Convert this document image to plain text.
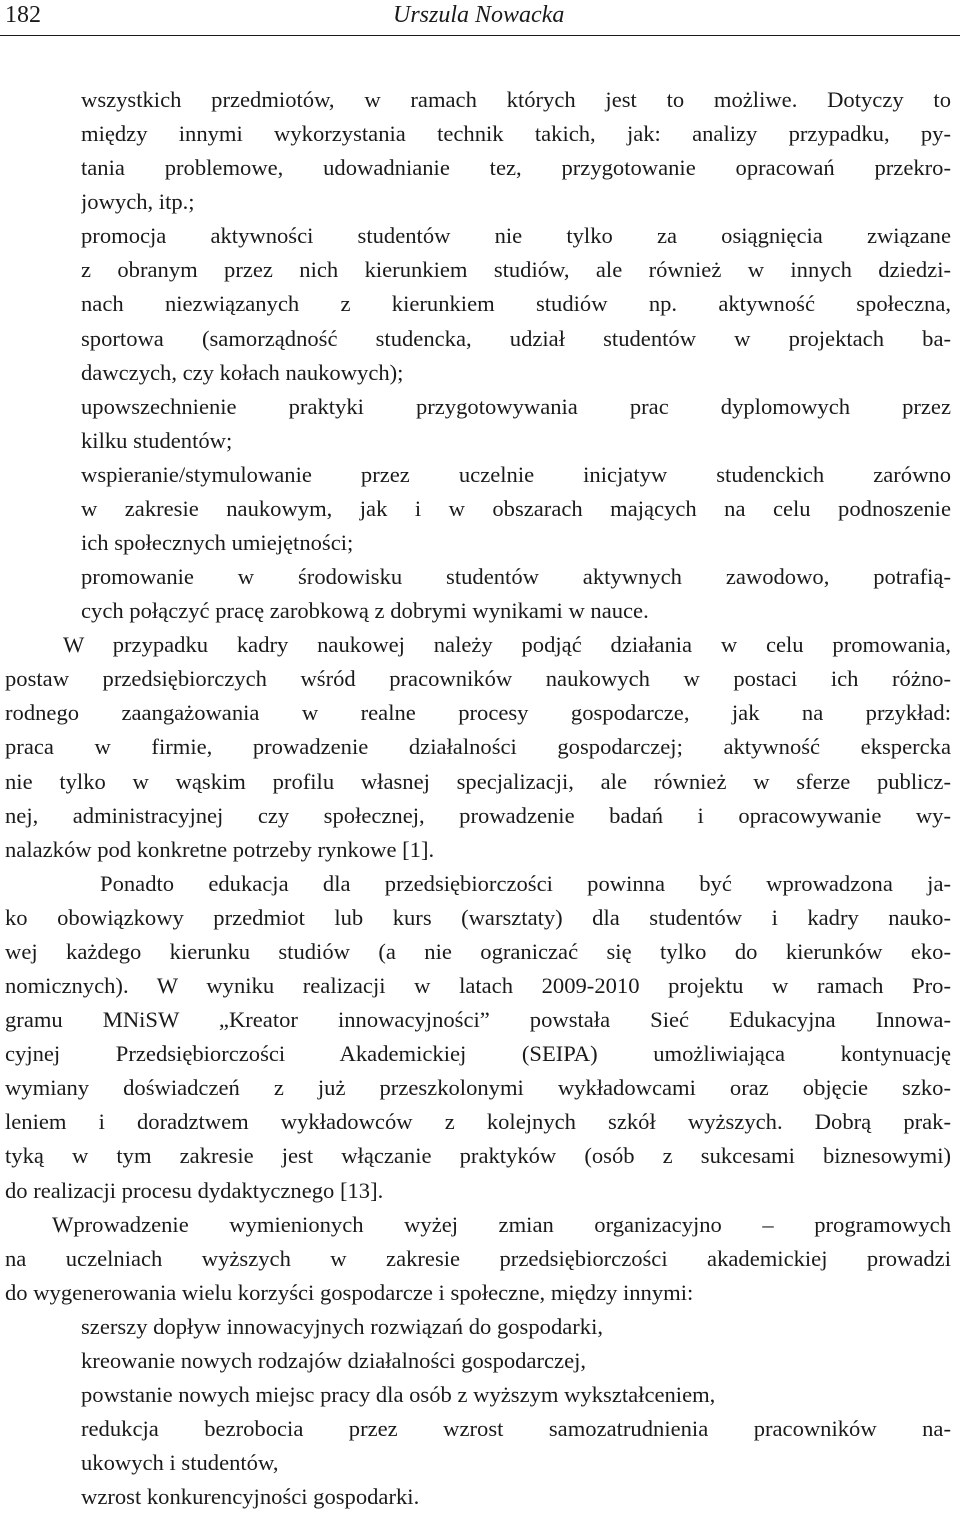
182	Urszula Nowacka
wszystkich przedmiotów, w ramach których jest to możliwe. Dotyczy to
między innymi wykorzystania technik takich, jak: analizy przypadku, py-
tania problemowe, udowadnianie tez, przygotowanie opracowań przekro-
jowych, itp.;
promocja aktywności studentów nie tylko za osiągnięcia związane
z obranym przez nich kierunkiem studiów, ale również w innych dziedzi-
nach niezwiązanych z kierunkiem studiów np. aktywność społeczna,
sportowa (samorządność studencka, udział studentów w projektach ba-
dawczych, czy kołach naukowych);
upowszechnienie praktyki przygotowywania prac dyplomowych przez
kilku studentów;
wspieranie/stymulowanie przez uczelnie inicjatyw studenckich zarówno
w zakresie naukowym, jak i w obszarach mających na celu podnoszenie
ich społecznych umiejętności;
promowanie w środowisku studentów aktywnych zawodowo, potrafią-
cych połączyć pracę zarobkową z dobrymi wynikami w nauce.
W przypadku kadry naukowej należy podjąć działania w celu promowania,
postaw przedsiębiorczych wśród pracowników naukowych w postaci ich różno-
rodnego zaangażowania w realne procesy gospodarcze, jak na przykład:
praca w firmie, prowadzenie działalności gospodarczej; aktywność ekspercka
nie tylko w wąskim profilu własnej specjalizacji, ale również w sferze publicz-
nej, administracyjnej czy społecznej, prowadzenie badań i opracowywanie wy-
nalazków pod konkretne potrzeby rynkowe [1].
Ponadto edukacja dla przedsiębiorczości powinna być wprowadzona ja-
ko obowiązkowy przedmiot lub kurs (warsztaty) dla studentów i kadry nauko-
wej każdego kierunku studiów (a nie ograniczać się tylko do kierunków eko-
nomicznych). W wyniku realizacji w latach 2009-2010 projektu w ramach Pro-
gramu MNiSW „Kreator innowacyjności” powstała Sieć Edukacyjna Innowa-
cyjnej Przedsiębiorczości Akademickiej (SEIPA) umożliwiająca kontynuację
wymiany doświadczeń z już przeszkolonymi wykładowcami oraz objęcie szko-
leniem i doradztwem wykładowców z kolejnych szkół wyższych. Dobrą prak-
tyką w tym zakresie jest włączanie praktyków (osób z sukcesami biznesowymi)
do realizacji procesu dydaktycznego [13].
Wprowadzenie wymienionych wyżej zmian organizacyjno – programowych
na uczelniach wyższych w zakresie przedsiębiorczości akademickiej prowadzi
do wygenerowania wielu korzyści gospodarcze i społeczne, między innymi:
szerszy dopływ innowacyjnych rozwiązań do gospodarki,
kreowanie nowych rodzajów działalności gospodarczej,
powstanie nowych miejsc pracy dla osób z wyższym wykształceniem,
redukcja bezrobocia przez wzrost samozatrudnienia pracowników na-
ukowych i studentów,
wzrost konkurencyjności gospodarki.
